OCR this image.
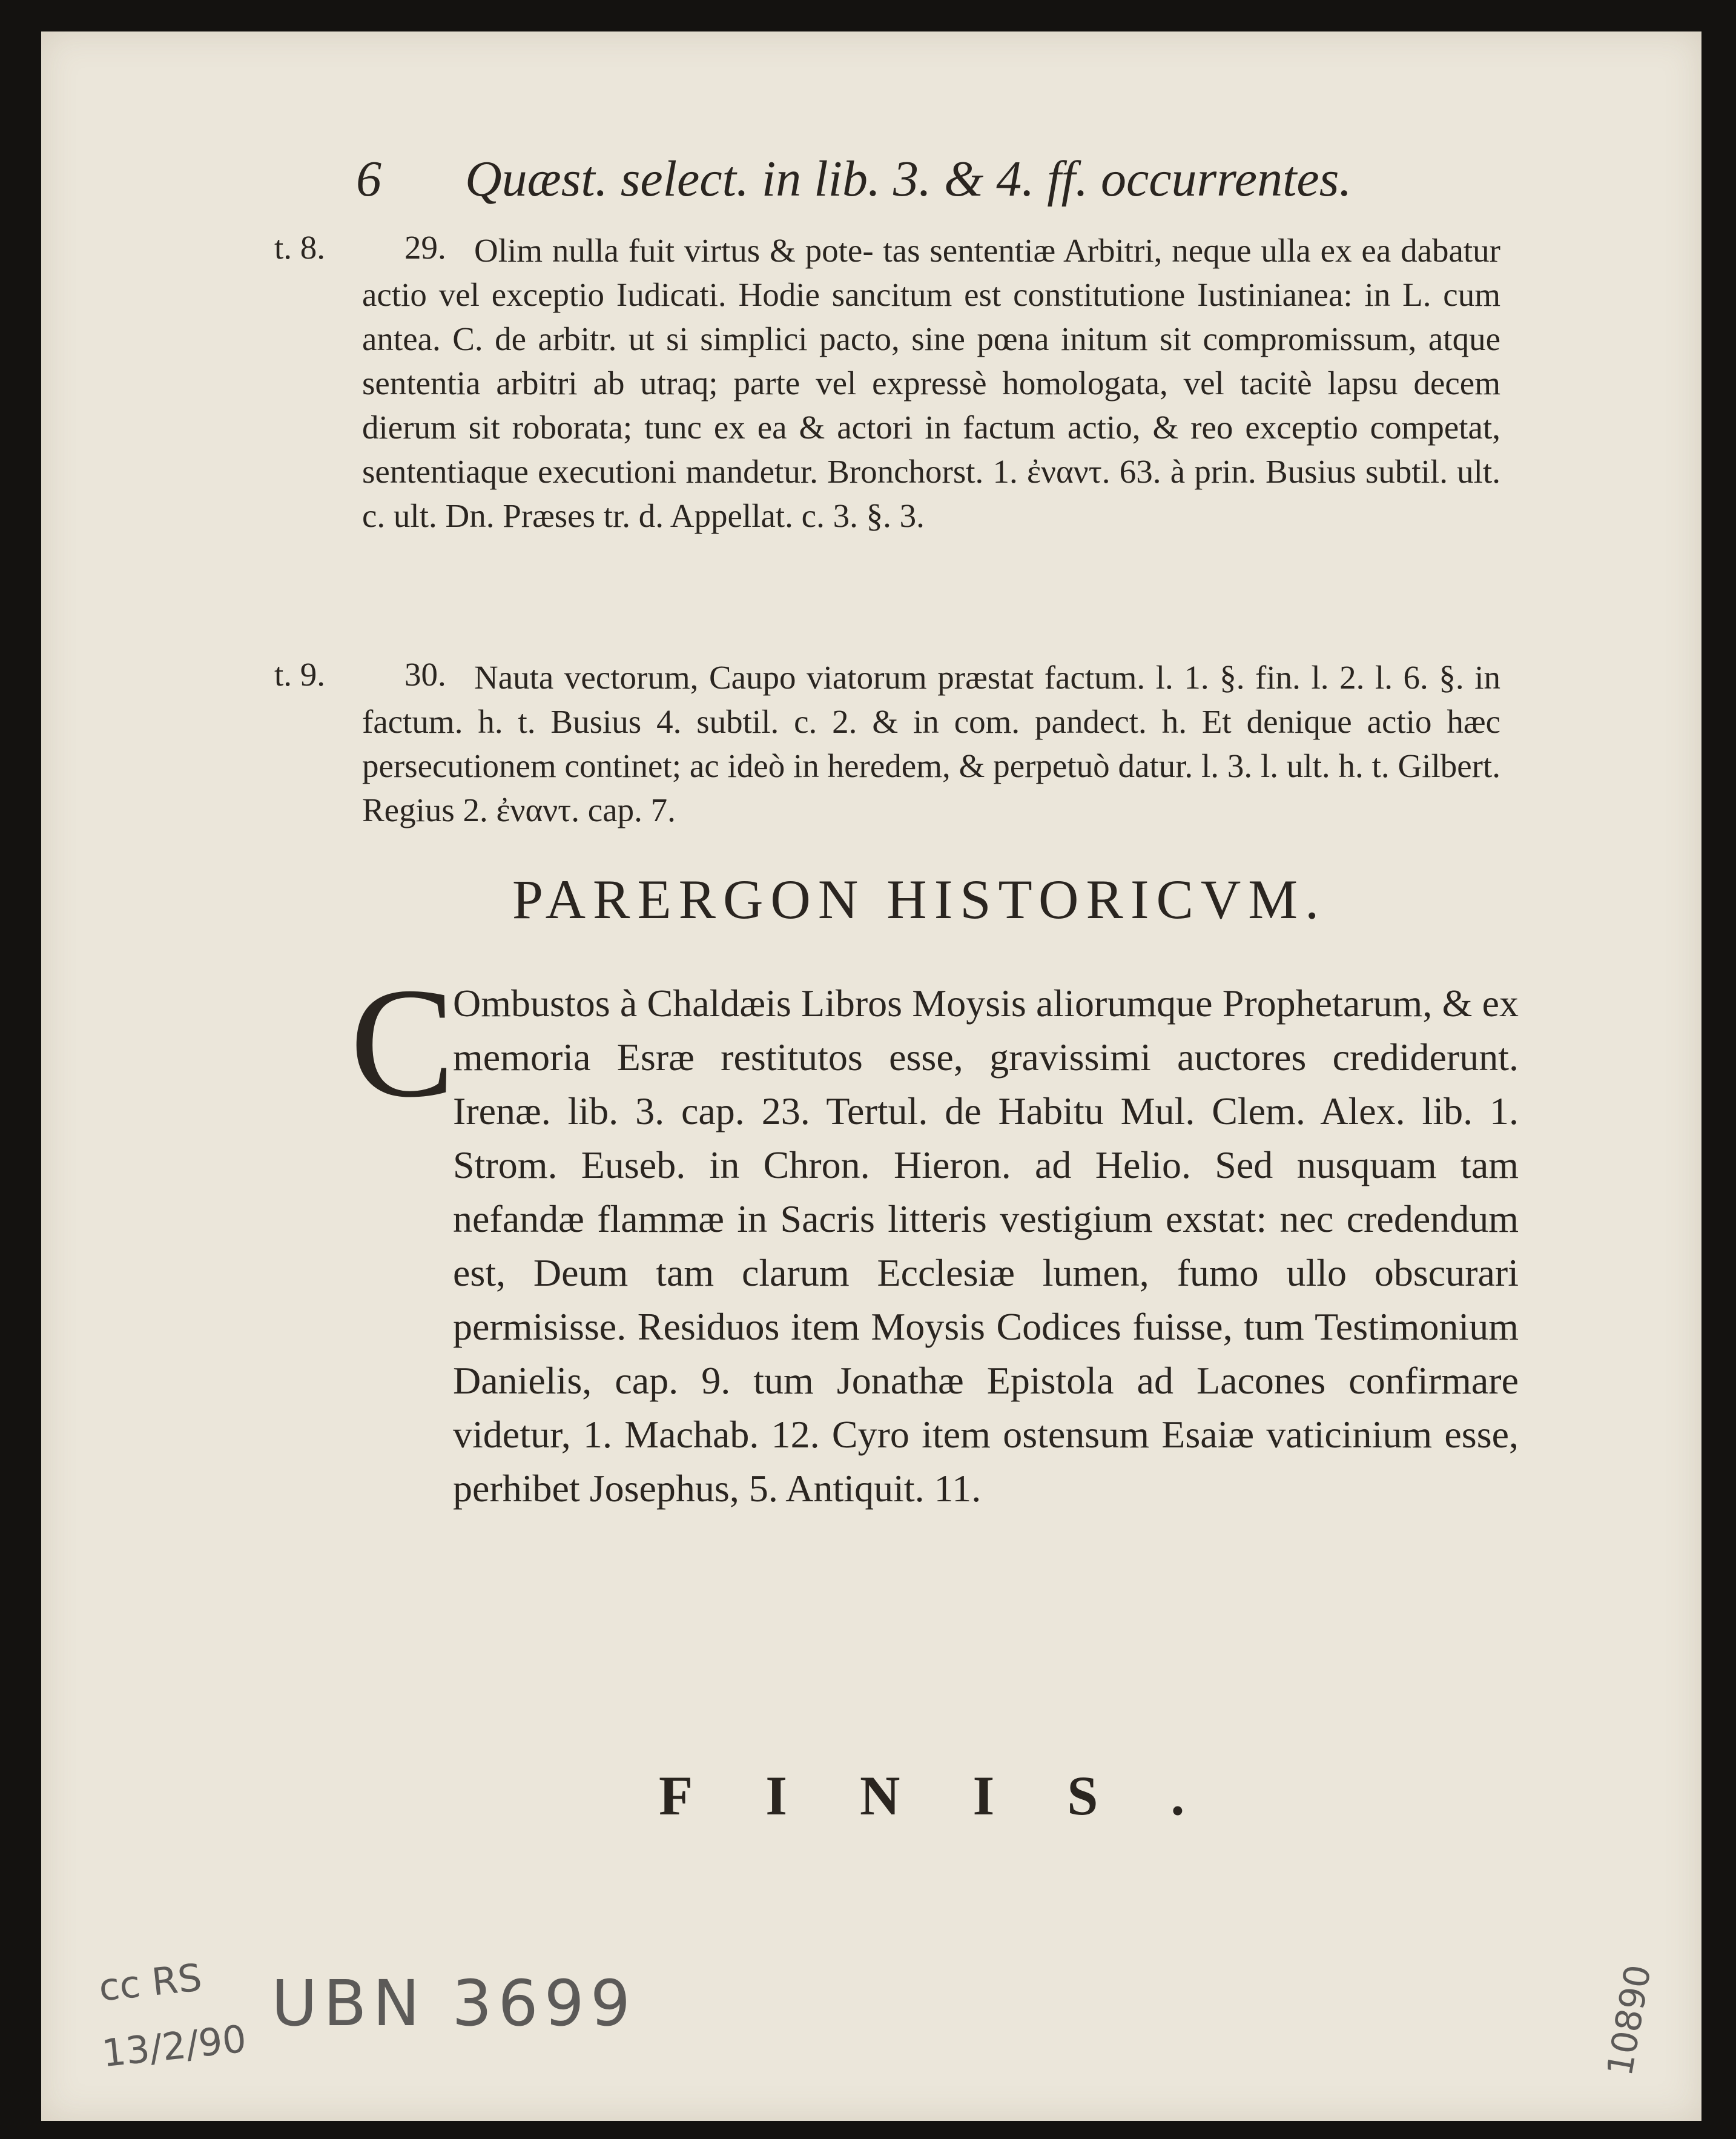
6 Quæst. select. in lib. 3. & 4. ff. occurrentes.
t. 8. 29. Olim nulla fuit virtus & pote- tas sententiæ Arbitri, neque ulla ex ea dabatur actio vel exceptio Iudicati. Hodie sancitum est constitutione Iustinianea: in L. cum antea. C. de arbitr. ut si simplici pacto, sine pœna initum sit compromissum, atque sententia arbitri ab utraq; parte vel expressè homologata, vel tacitè lapsu decem dierum sit roborata; tunc ex ea & actori in factum actio, & reo exceptio competat, sententiaque executioni mandetur. Bronchorst. 1. ἐναντ. 63. à prin. Busius subtil. ult. c. ult. Dn. Præses tr. d. Appellat. c. 3. §. 3.

t. 9. 30. Nauta vectorum, Caupo viatorum præstat factum. l. 1. §. fin. l. 2. l. 6. §. in factum. h. t. Busius 4. subtil. c. 2. & in com. pandect. h. Et denique actio hæc persecutionem continet; ac ideò in heredem, & perpetuò datur. l. 3. l. ult. h. t. Gilbert. Regius 2. ἐναντ. cap. 7.

PARERGON HISTORICVM.
C

Ombustos à Chaldæis Libros Moysis aliorumque Prophetarum, & ex memoria Esræ restitutos esse, gravissimi auctores crediderunt. Irenæ. lib. 3. cap. 23. Tertul. de Habitu Mul. Clem. Alex. lib. 1. Strom. Euseb. in Chron. Hieron. ad Helio. Sed nusquam tam nefandæ flammæ in Sacris litteris vestigium exstat: nec credendum est, Deum tam clarum Ecclesiæ lumen, fumo ullo obscurari permisisse. Residuos item Moysis Codices fuisse, tum Testimonium Danielis, cap. 9. tum Jonathæ Epistola ad Lacones confirmare videtur, 1. Machab. 12. Cyro item ostensum Esaiæ vaticinium esse, perhibet Josephus, 5. Antiquit. 11.

FINIS.
cc RS
13/2/90
UBN 3699	10890
